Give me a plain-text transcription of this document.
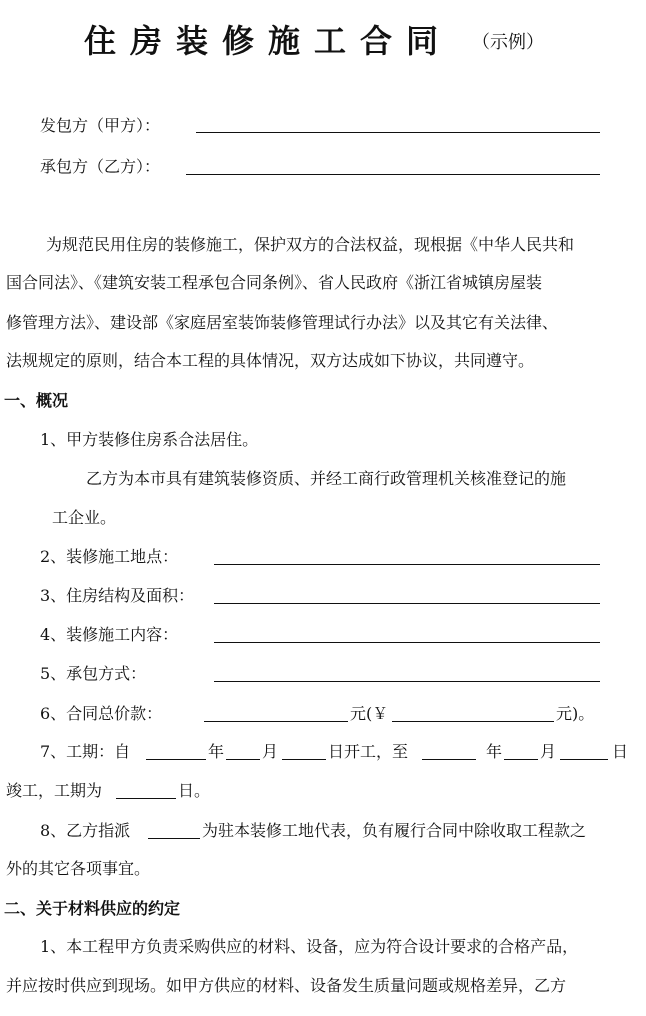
住房装修施工合同 （示例）
发包方（甲方）：
承包方（乙方）：
为规范民用住房的装修施工，保护双方的合法权益，现根据《中华人民共和
国合同法》、《建筑安装工程承包合同条例》、省人民政府《浙江省城镇房屋装
修管理方法》、建设部《家庭居室装饰装修管理试行办法》以及其它有关法律、
法规规定的原则，结合本工程的具体情况，双方达成如下协议，共同遵守。
一、概况
1、甲方装修住房系合法居住。
乙方为本市具有建筑装修资质、并经工商行政管理机关核准登记的施
工企业。
2、装修施工地点：
3、住房结构及面积：
4、装修施工内容：
5、承包方式：
6、合同总价款：	元(￥	元)。
7、工期：自	年 月	日开工，至	年 月	日
竣工，工期为	日。
8、乙方指派	为驻本装修工地代表，负有履行合同中除收取工程款之
外的其它各项事宜。
二、关于材料供应的约定
1、本工程甲方负责采购供应的材料、设备，应为符合设计要求的合格产品，
并应按时供应到现场。如甲方供应的材料、设备发生质量问题或规格差异，乙方
